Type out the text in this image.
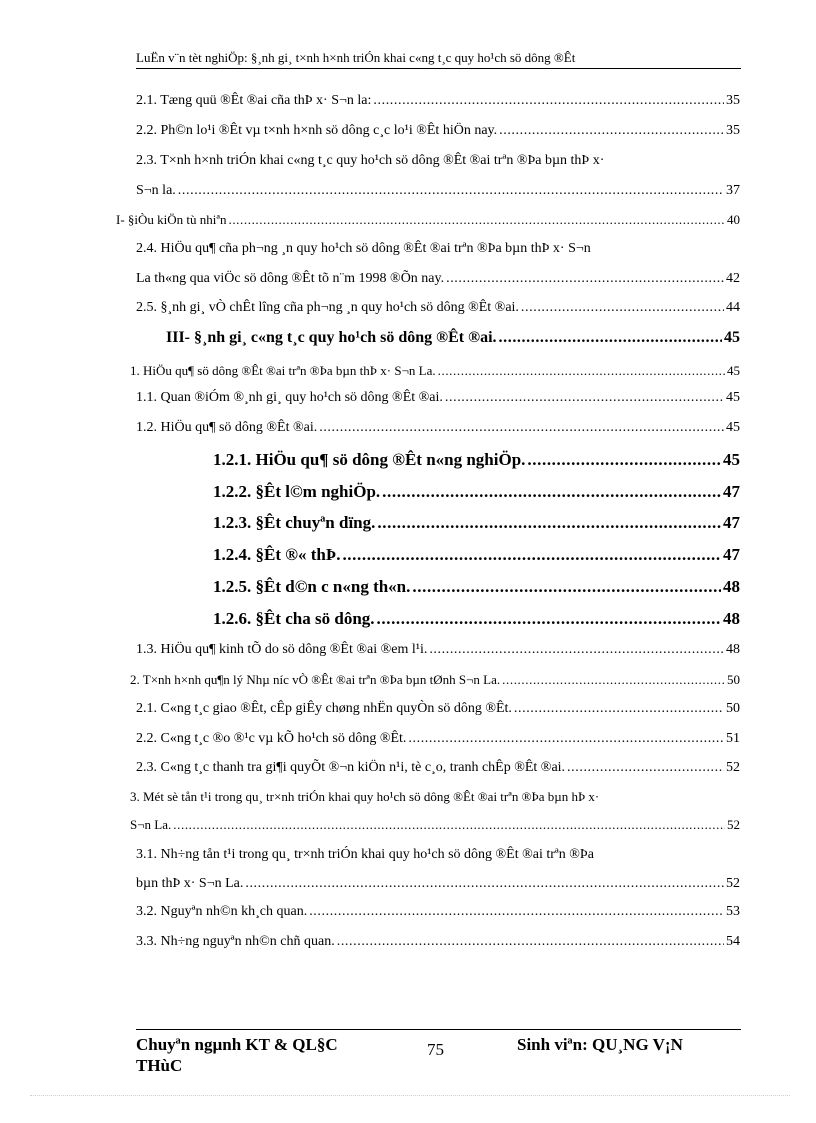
LuËn v¨n tèt nghiÖp: §¸nh gi¸ t×nh h×nh triÓn khai c«ng t¸c quy ho¹ch sö dông ®Êt
2.1. Tæng quü ®Êt ®ai cña thÞ x· S¬n la: .....	35
2.2. Ph©n lo¹i ®Êt vµ t×nh h×nh sö dông c¸c lo¹i ®Êt hiÖn nay. .....	35
2.3. T×nh h×nh triÓn khai c«ng t¸c quy ho¹ch sö dông ®Êt ®ai trªn ®Þa bµn thÞ x·
S¬n la. .....	37
I- §iÒu kiÖn tù nhiªn .....	40
2.4. HiÖu qu¶ cña ph¬ng ¸n quy ho¹ch sö dông ®Êt ®ai trªn ®Þa bµn thÞ x· S¬n
La th«ng qua viÖc sö dông ®Êt tõ n¨m 1998 ®Õn nay. .....	42
2.5. §¸nh gi¸ vÒ chÊt lîng cña ph¬ng ¸n quy ho¹ch sö dông ®Êt ®ai. .....	44
III- §¸nh gi¸ c«ng t¸c quy ho¹ch sö dông ®Êt ®ai. .....	45
1. HiÖu qu¶ sö dông ®Êt ®ai trªn ®Þa bµn thÞ x· S¬n La. .....	45
1.1. Quan ®iÓm ®¸nh gi¸ quy ho¹ch sö dông ®Êt ®ai. .....	45
1.2. HiÖu qu¶ sö dông ®Êt ®ai. .....	45
1.2.1. HiÖu qu¶ sö dông ®Êt n«ng nghiÖp. .....	45
1.2.2. §Êt l©m nghiÖp. .....	47
1.2.3. §Êt chuyªn dïng. .....	47
1.2.4. §Êt ®« thÞ. .....	47
1.2.5. §Êt d©n c n«ng th«n. .....	48
1.2.6. §Êt cha sö dông. .....	48
1.3. HiÖu qu¶ kinh tÕ do sö dông ®Êt ®ai ®em l¹i. .....	48
2. T×nh h×nh qu¶n lý Nhµ níc vÒ ®Êt ®ai trªn ®Þa bµn tØnh S¬n La. .....	50
2.1. C«ng t¸c giao ®Êt, cÊp giÊy chøng nhËn quyÒn sö dông ®Êt. .....	50
2.2. C«ng t¸c ®o ®¹c vµ kÕ ho¹ch sö dông ®Êt. .....	51
2.3. C«ng t¸c thanh tra gi¶i quyÕt ®¬n kiÖn n¹i, tè c¸o, tranh chÊp ®Êt ®ai. .....	52
3. Mét sè tån t¹i trong qu¸ tr×nh triÓn khai quy ho¹ch sö dông ®Êt ®ai trªn ®Þa bµn hÞ x·
S¬n La. .....	52
3.1. Nh÷ng tån t¹i trong qu¸ tr×nh triÓn khai quy ho¹ch sö dông ®Êt ®ai trªn ®Þa
bµn thÞ x· S¬n La. .....	52
3.2. Nguyªn nh©n kh¸ch quan. .....	53
3.3. Nh÷ng nguyªn nh©n chñ quan. .....	54
Chuyªn ngµnh KT & QL§C
THùC
75	Sinh viªn: QU¸NG V¡N
